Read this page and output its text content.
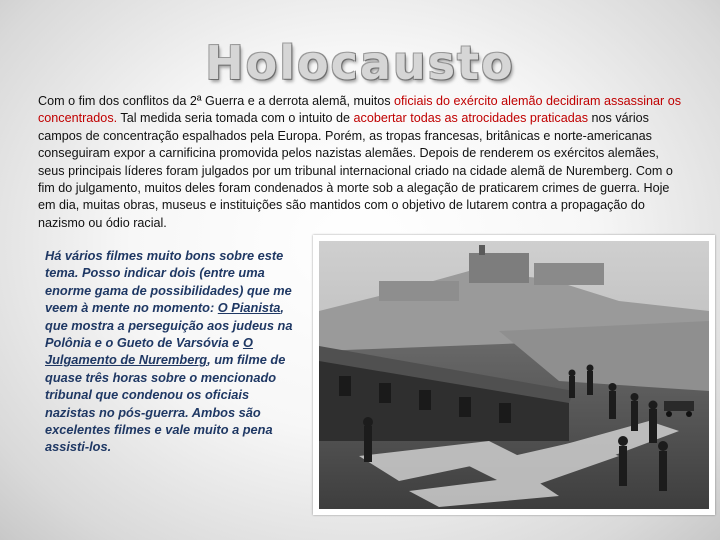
Holocausto

Com o fim dos conflitos da 2ª Guerra e a derrota alemã, muitos oficiais do exército alemão decidiram assassinar os concentrados. Tal medida seria tomada com o intuito de acobertar todas as atrocidades praticadas nos vários campos de concentração espalhados pela Europa. Porém, as tropas francesas, britânicas e norte-americanas conseguiram expor a carnificina promovida pelos nazistas alemães. Depois de renderem os exércitos alemães, seus principais líderes foram julgados por um tribunal internacional criado na cidade alemã de Nuremberg. Com o fim do julgamento, muitos deles foram condenados à morte sob a alegação de praticarem crimes de guerra. Hoje em dia, muitas obras, museus e instituições são mantidos com o objetivo de lutarem contra a propagação do nazismo ou ódio racial.

Há vários filmes muito bons sobre este tema. Posso indicar dois (entre uma enorme gama de possibilidades) que me veem à mente no momento: O Pianista, que mostra a perseguição aos judeus na Polônia e o Gueto de Varsóvia e O Julgamento de Nuremberg, um filme de quase três horas sobre o mencionado tribunal que condenou os oficiais nazistas no pós-guerra. Ambos são excelentes filmes e vale muito a pena assisti-los.
